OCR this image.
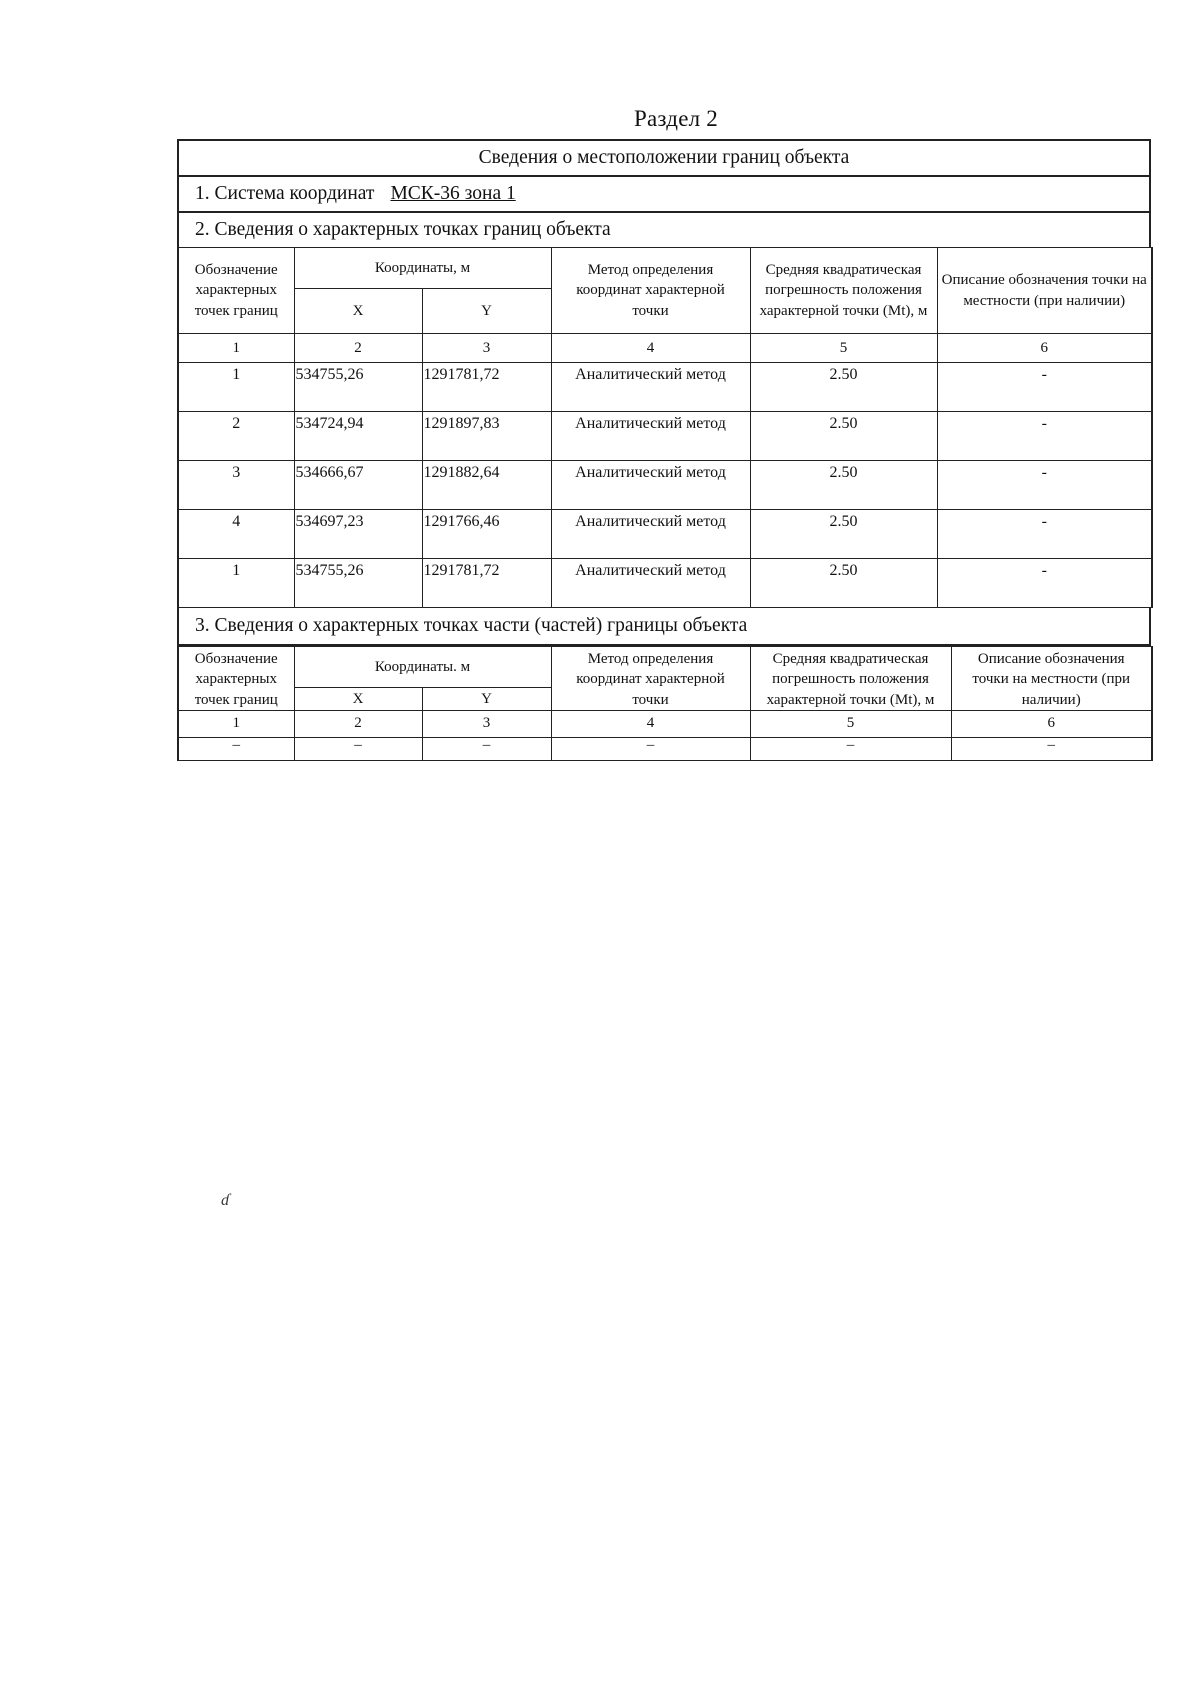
Раздел 2
Сведения о местоположении границ объекта
1. Система координат МСК-36 зона 1
2. Сведения о характерных точках границ объекта
Обозначение характерных точек границ	Координаты, м		Метод определения координат характерной точки	Средняя квадратическая погрешность положения характерной точки (Mt), м	Описание обозначения точки на местности (при наличии)
	X	Y			
1	2	3	4	5	6
1	534755,26	1291781,72	Аналитический метод	2.50	-
2	534724,94	1291897,83	Аналитический метод	2.50	-
3	534666,67	1291882,64	Аналитический метод	2.50	-
4	534697,23	1291766,46	Аналитический метод	2.50	-
1	534755,26	1291781,72	Аналитический метод	2.50	-
3. Сведения о характерных точках части (частей) границы объекта
Обозначение характерных точек границ	Координаты. м		Метод определения координат характерной точки	Средняя квадратическая погрешность положения характерной точки (Mt), м	Описание обозначения точки на местности (при наличии)
	X	Y			
1	2	3	4	5	6
–	–	–	–	–	–
ɗ
